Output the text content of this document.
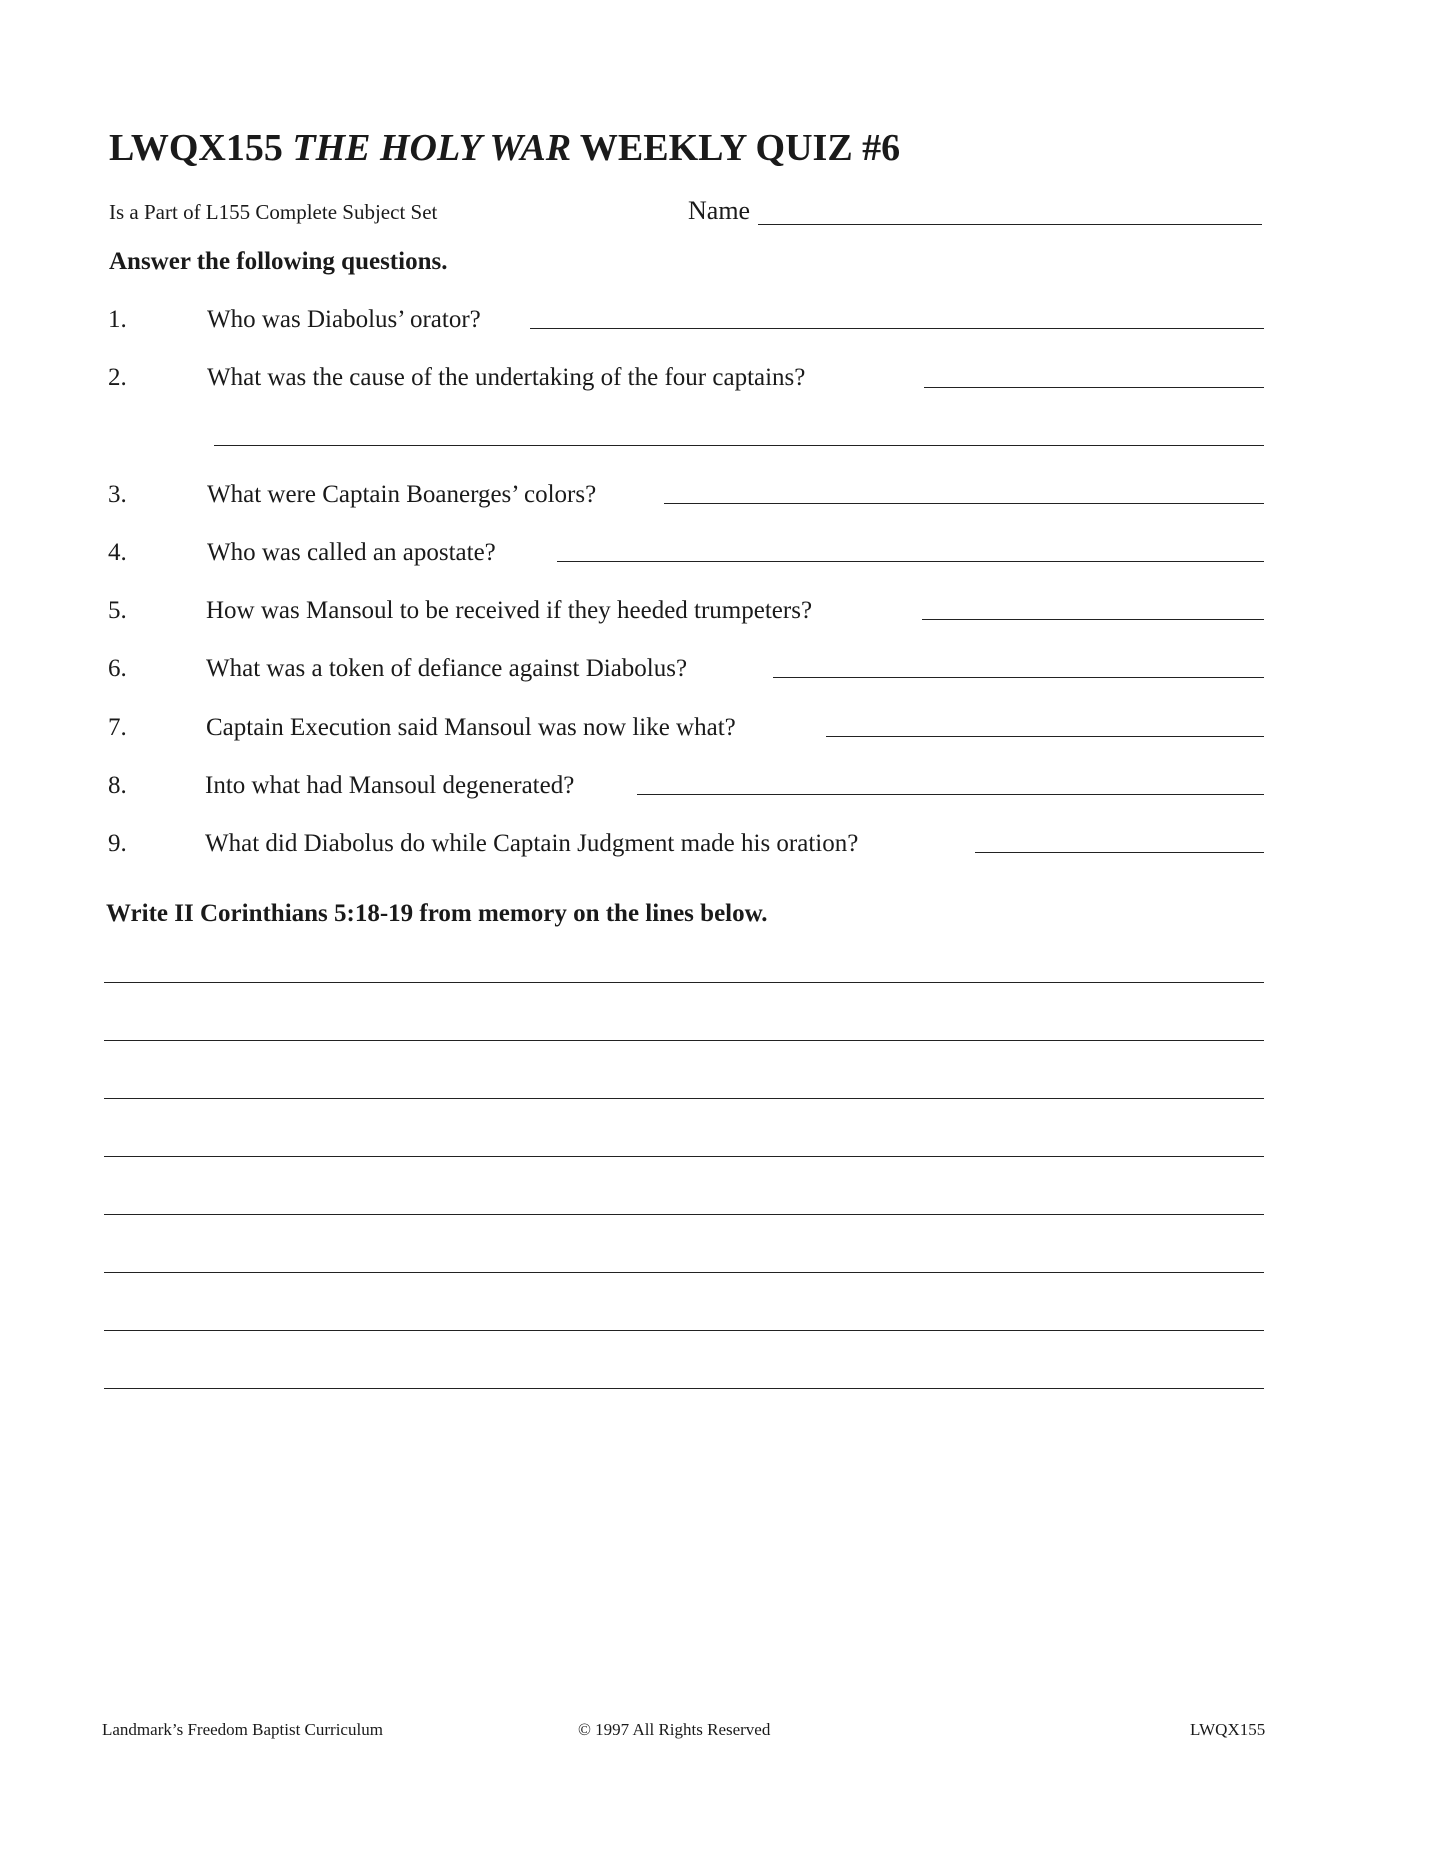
LWQX155 THE HOLY WAR WEEKLY QUIZ #6
Is a Part of L155 Complete Subject Set	Name
Answer the following questions.
1.	Who was Diabolus’ orator?
2.	What was the cause of the undertaking of the four captains?
3.	What were Captain Boanerges’ colors?
4.	Who was called an apostate?
5.	How was Mansoul to be received if they heeded trumpeters?
6.	What was a token of defiance against Diabolus?
7.	Captain Execution said Mansoul was now like what?
8.	Into what had Mansoul degenerated?
9.	What did Diabolus do while Captain Judgment made his oration?
Write II Corinthians 5:18-19 from memory on the lines below.
Landmark’s Freedom Baptist Curriculum	© 1997 All Rights Reserved	LWQX155
